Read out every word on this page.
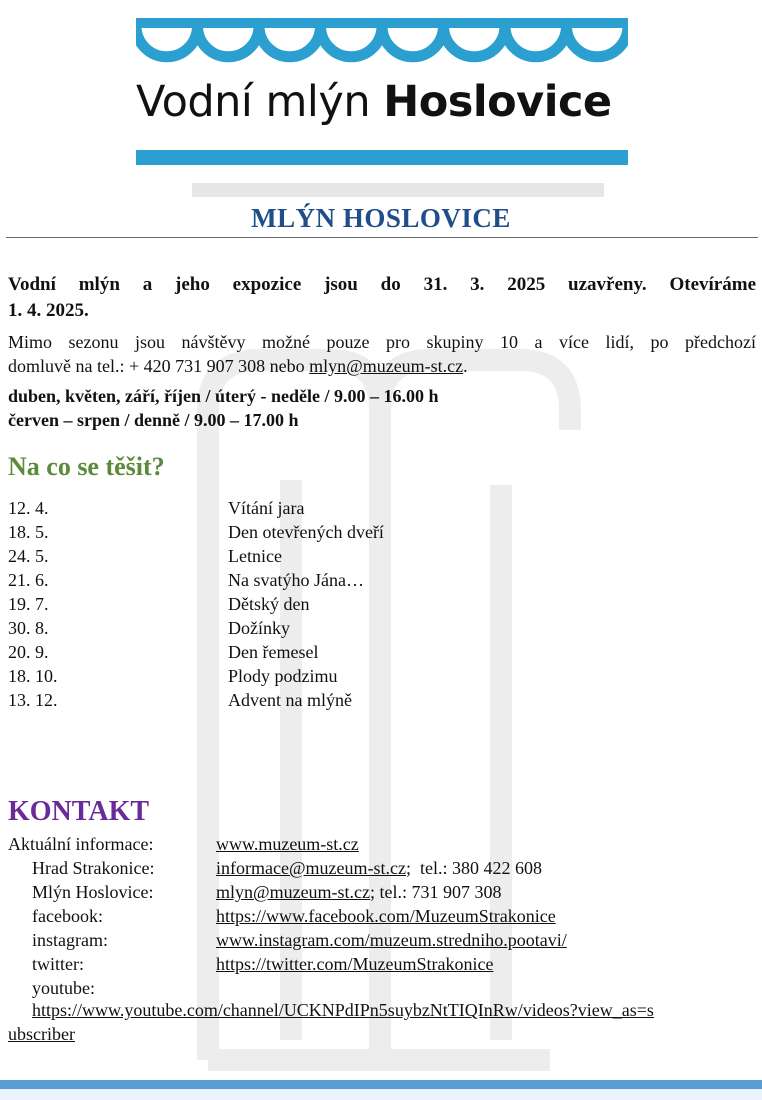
Vodní mlýn Hoslovice
MLÝN HOSLOVICE
Vodní mlýn a jeho expozice jsou do 31. 3. 2025 uzavřeny. Otevíráme
1. 4. 2025.
Mimo sezonu jsou návštěvy možné pouze pro skupiny 10 a více lidí, po předchozí
domluvě na tel.: + 420 731 907 308 nebo mlyn@muzeum-st.cz.
duben, květen, září, říjen / úterý - neděle / 9.00 – 16.00 h
červen – srpen / denně / 9.00 – 17.00 h
Na co se těšit?
12. 4.	Vítání jara
18. 5.	Den otevřených dveří
24. 5.	Letnice
21. 6.	Na svatýho Jána…
19. 7.	Dětský den
30. 8.	Dožínky
20. 9.	Den řemesel
18. 10.	Plody podzimu
13. 12.	Advent na mlýně
KONTAKT
Aktuální informace:	www.muzeum-st.cz
Hrad Strakonice:	informace@muzeum-st.cz;  tel.: 380 422 608
Mlýn Hoslovice:	mlyn@muzeum-st.cz; tel.: 731 907 308
facebook:	https://www.facebook.com/MuzeumStrakonice
instagram:	www.instagram.com/muzeum.stredniho.pootavi/
twitter:	https://twitter.com/MuzeumStrakonice
youtube:
https://www.youtube.com/channel/UCKNPdIPn5suybzNtTIQInRw/videos?view_as=s
ubscriber
